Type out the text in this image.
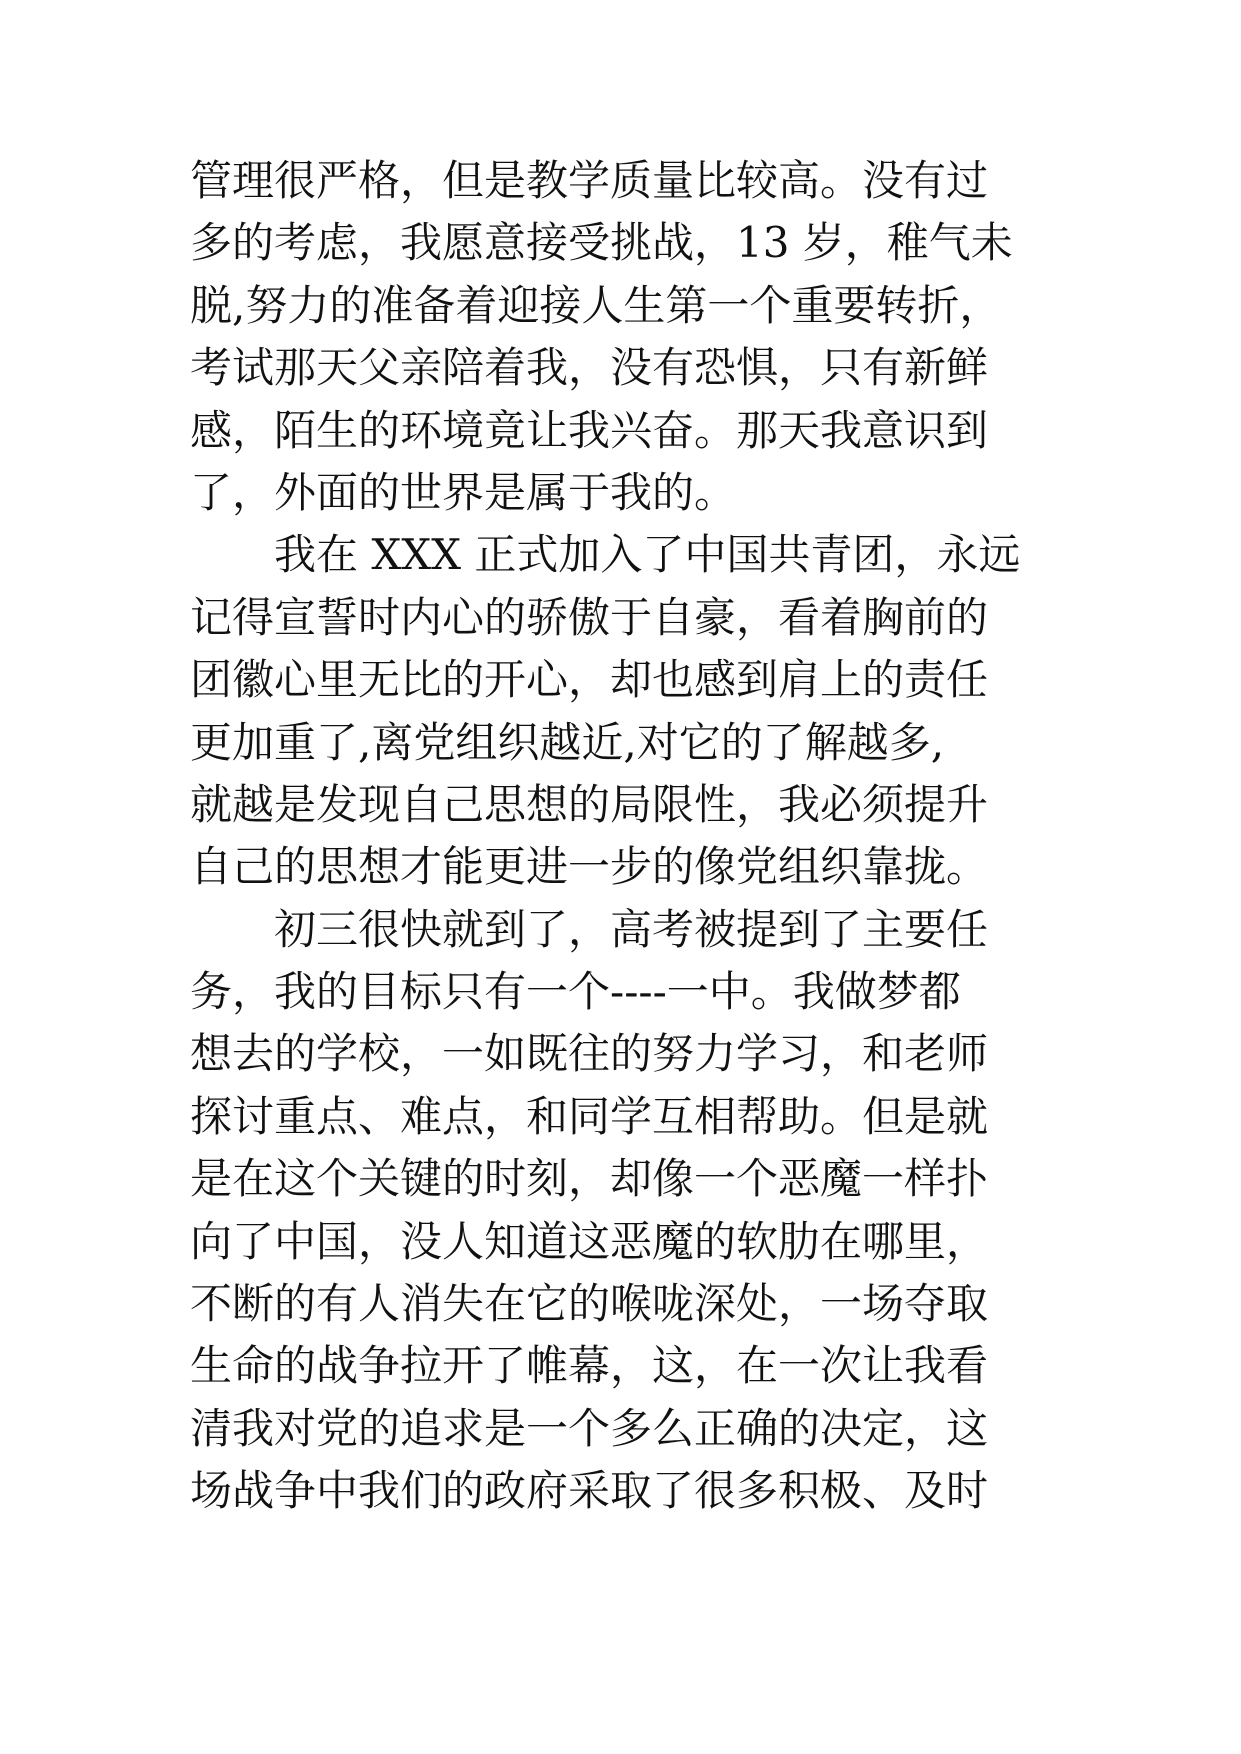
管理很严格，但是教学质量比较高。没有过
多的考虑，我愿意接受挑战，13 岁，稚气未
脱,努力的准备着迎接人生第一个重要转折，
考试那天父亲陪着我，没有恐惧，只有新鲜
感，陌生的环境竟让我兴奋。那天我意识到
了，外面的世界是属于我的。
　　我在 XXX 正式加入了中国共青团，永远
记得宣誓时内心的骄傲于自豪，看着胸前的
团徽心里无比的开心，却也感到肩上的责任
更加重了,离党组织越近,对它的了解越多,
就越是发现自己思想的局限性，我必须提升
自己的思想才能更进一步的像党组织靠拢。
　　初三很快就到了，高考被提到了主要任
务，我的目标只有一个----一中。我做梦都
想去的学校，一如既往的努力学习，和老师
探讨重点、难点，和同学互相帮助。但是就
是在这个关键的时刻，却像一个恶魔一样扑
向了中国，没人知道这恶魔的软肋在哪里，
不断的有人消失在它的喉咙深处，一场夺取
生命的战争拉开了帷幕，这，在一次让我看
清我对党的追求是一个多么正确的决定，这
场战争中我们的政府采取了很多积极、及时
